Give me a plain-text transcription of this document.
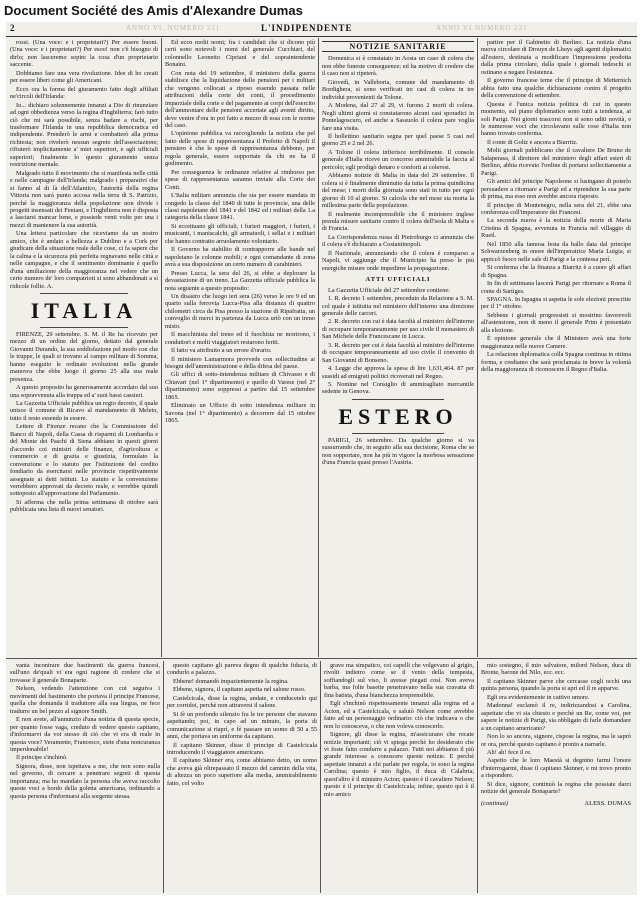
Document Société des Amis d'Alexandre Dumas
2	ANNO VI. NUMERO 221	L'INDIPENDENTE	ANNO VI NUMERO 221

rossi. (Una voce: e i proprietari?) Per essere buoni. (Una voce: e i proprietari?) Per esoo! non c'è bisogno di dirlo; non lasceremo sopire la cosa d'un proprietario saccente.

Dobbiamo fare una vera rivoluzione. Idee di ho creati per essere liberi come gli Americani.

Ecco ora la forma del giuramento fatto degli affiliati ne'circoli dell'Irlanda:

Io... dichiaro solennemente innanzi a Dio di rinunziare ad ogni obbedienza verso la regina d'Inghilterra; farò tutto ciò che mi sarà possibile, senza badare a rischi, per trasformare l'Irlanda in una repubblica democratica ed indipendente. Prenderò le armi e combatterò alla prima richiesta; non rivelerò nessun segreto dell'associazione; rifiuterò implicitamente a' miei superiori, e agli ufficiali superiori; finalmente lo questo giuramento senza restrizione mentale.

Malgrado tutto il movimento che si manifesta nelle città e nelle campagne dell'Irlanda; malgrado i preparativi che si fanno al di là dell'Atlantico, l'autorità della regina Vittoria non sarà punto accosa nella terra di S. Patrizio, perchè la maggioranza della popolazione non divide i progetti insensati dei Feniani, e l'Inghilterra non è disposta a lasciarsi mancar bene, e possiede venti volte per una i mezzi di mantenere la sua autorità.

Una lettera particolare che riceviamo da un nostro amico, che è andato a bellezza a Dublino e a Cork per giudicare della situazione reale delle cose, ci fa sapere che la calma e la sicurezza più perfetta regnavano nelle città e nelle campagne, e che il sentimento dominante è quello d'una umiliazione della maggioranza nel vedere che un certo numero de' loro compatrioti si sono abbandonati a sì ridicole follie. A.

ITALIA

FIRENZE, 29 settembre. S. M. il Re ha ricevuto per mezzo di un ordine del giorno, dettato dal generale Giovanni Durando, la sua soddisfazione pel modo con che le truppe, le quali si trovano al campo militare di Somma, hanno eseguito le ordinate evoluzioni nella grande manovra che ebbe luogo il giorno 25 alla sua reale presenza.

A questo proposito ha generosamente accordato dal suo una sopravvenuta alla truppa ed a' suoi bassi cassieri.

La Gazzetta Ufficiale pubblica un regio decreto, il quale unisce il comune di Ricavo al mandamento di Meleto, tutto il resto essendo in essere.

Lettere di Firenze recano che la Commissione del Banco di Napoli, della Cassa di risparmi di Lombardia e del Monte dei Paschi di Siena abbiano in questi giorni d'accordo coi ministri delle finanze, d'agricoltura e commercio e di grazia e giustizia, formulato la convenzione e lo statuto per l'istituzione del credito fondiario da esercitarsi nelle provincie rispettivamente assegnate ai detti istituti. Lo statuto e la convenzione verrebbero approvati da decreto reale, e verrebbe quindi sottoposto all'approvazione del Parlamento.

Si afferma che nella prima settimana di ottobre sarà pubblicata una lista di nuovi senatori.

Ed ecco molti nomi; fra i candidati che si dicono più certi sono notevoli i nomi del generale Cucchiari, del colonnello Leonetto Cipriani e del sopraintendente Bonaini.

Con nota del 19 settembre, il ministero della guerra stabilisce che la liquidazione delle pensioni per i militari che vengono collocati a riposo essendo passata nelle attribuzioni della corte dei conti, il procedimento imparziale della corte e del pagamento ai corpi dell'esercito dell'ammontare delle pensioni accertate agli aventi diritto, deve venire d'ora in poi fatto a mezzo di essa con le norme del caso.

L'opinione pubblica va raccogliendo la notizia che pel fatto delle spese di rappresentanza il Prefetto di Napoli il pensiero è che le spese di rappresentanza debbono, per regola generale, essere sopportate da chi ne ha il godimento.

Per conseguenza le ordinanze relative al rimborso per spese di rappresentanza saranno inviate alla Corte dei Conti.

L'Italia militare annunzia che sta per essere mandata in congedo la classe del 1840 di tutte le provincie, una delle classi napoletane del 1841 e del 1842 ed i militari della 1.a categoria della classe 1841.

Si eccettuano gli ufficiali, i furieri maggiori, i furieri, i musicanti, i maniscalchi, gli armaiuoli, i sellai e i militari che hanno contratto arruolamento volontario.

Il Governo ha stabilito di contrapporre alle bande nel napoletano le colonne mobili; e ogni comandante di zona avrà a sua disposizione un certo numero di carabinieri.

Presso Lucca, la sera del 26, si ebbe a deplorare la devastazione di un treno. La Gazzetta ufficiale pubblica la nota seguente a questo proposito:

Un disastro che luogo ieri sera (26) verso le ore 9 ed un quarto sulla ferrovia Lucca-Pisa alla distanza di quattro chilometri circa da Pisa presso la stazione di Ripafratta, un convoglio di merci in partenza da Lucca urtò con un treno misto.

Il macchinista del treno ed il fuochista ne morirono, i conduttori e molti viaggiatori restarono feriti.

Il fatto va attribuito a un errore d'orario.

Il ministero Lamarmora provvede con sollecitudine ai bisogni dell'amministrazione e della difesa del paese.

Gli uffici di sotto-intendenza militare di Chivasso e di Chiavari (nel 1° dipartimento) e quello di Varese (nel 2° dipartimento) sono soppressi a partire dal 15 settembre 1865.

Eliminato un Ufficio di sotto intendenza militare in Savona (nel 1° dipartimento) a decorrere dal 15 ottobre 1865.

NOTIZIE SANITARIE

Domenica si è constatato in Aosta un caso di colera che non ebbe funeste conseguenze; ed ha motivo di credere che il caso non si ripeterà.

Giovedì, in Valleboria, comune del mandamento di Bordighera, si sono verificati tre casi di colera in tre individui provenienti da Tolone.

A Modena, dal 27 al 29, vi furono 2 morti di colera. Negli ultimi giorni si constatarono alcuni casi sporadici in Pontelagoscuro, ed anche a Sassuolo il colera pare voglia fare una visita.

Il bollettino sanitario segna per quel paese 5 casi nel giorno 25 e 2 nel 26.

A Tolone il colera infierisce terribilmente. Il console generale d'Italia riceve un concorso ammirabile la faccia al pericolo; egli prodigò denaro e conforti ai colerosi.

Abbiamo notizie di Malta in data del 29 settembre. Il colera si è finalmente diminuito da tutta la prima quindicina del mese; i morti della giornata sono stati in tutto per ogni giorno di 10 al giorno. Si calcola che nel mese sia morta la millesima parte della popolazione.

Il realmente incomprensibile che il ministero inglese prenda misure sanitarie contro il colera dell'isola di Malta e di Francia.

La Corrispondenza russa di Pietroburgo ci annunzia che il colera s'è dichiarato a Costantinopoli.

Il Nazionale, annunziando che il colera è comparso a Napoli, vi aggiunge che il Municipio ha preso le più energiche misure onde impedirne la propagazione.

ATTI UFFICIALI

La Gazzetta Ufficiale del 27 settembre contiene:

1. R. decreto 1 settembre, preceduto da Relazione a S. M. col quale è istituita nel ministero dell'interno una direzione generale delle carceri.

2. R. decreto con cui è data facoltà al ministro dell'interno di occupare temporaneamente per uso civile il monastero di San Michele delle Francescane in Lucca.

3. R. decreto per cui è data facoltà al ministro dell'interno di occupare temporaneamente ad uso civile il convento di San Giovanni di Bonseno.

4. Legge che approva la spesa di lire 1,631,464. 87 per sussidi ad emigrati politici ricoverati nel Regno.

5. Nomine nel Consiglio di ammiragliato mercantile sedente in Genova.

ESTERO

PARIGI, 26 settembre. Da qualche giorno si va sussurrando che, in seguito alla sua decisione, Roma che se non sopportare, non ha più in vigore la morbosa sensazione d'una Francia quasi presso l'Austria.

partire per il Gabinetto di Berlino. La notizia d'una nuova circolare di Drouyn de Lhuys agli agenti diplomatici all'estero, destinata a modificare l'impressione prodotta dalla prima circolare, dalla quale i giornali tedeschi si ostinano a negare l'esistenza.

Il governo francese teme che il principe di Metternich abbia fatto una qualche dichiarazione contro il progetto della convenzione di settembre.

Questa è l'unica notizia politica di cui in questo momento, sul piano diplomatico sono tutti a tendenza, ai soli Parigi. Nei giorni trascorsi non si sono uditi novità, e le numerose voci che circolavano sulle cose d'Italia non hanno trovato conferma.

Il conte di Goltz e ancora a Biarritz.

Molti giornali pubblicano che il cavaliere De Bruno de Salaperasa, il direttore del ministero degli affari esteri di Berlino, abbia ricevuto l'ordine di portarsi sollecitamente a Parigi.

Gli amici del principe Napoleone si lusingano di poterlo persuadere a ritornare a Parigi ed a riprendere la sua parte di prima, ma esso non avrebbe ancora risposto.

Il principe di Montenegro, nella sera del 21, ebbe una conferenza coll'imperatore dei Francesi.

La seconda nuova è la notizia della morte di Maria Cristina di Spagna, avvenuta in Francia nel villaggio di Rueil.

Nel 1850 alla famosa festa da ballo data dal principe Schwarzenberg in onore dell'imperatrice Maria Luigia, si appiccò fuoco nelle sale di Parigi e la contessa perì.

Si conferma che la finanza a Biarritz è a cuore gli affari di Spagna.

In fin di settimana lascerà Parigi per ritornare a Roma il conte di Sartiges.

SPAGNA. In Ispagna si aspetta le sole elezioni prescritte per il 1° ottobre.

Sebbene i giornali progressisti si mostrino favorevoli all'astensione, non di meno il generale Prim è presentato alla elezione.

È opinione generale che il Ministero avrà una forte maggioranza nelle nuove Camere.

La relazione diplomatica colla Spagna continua in ottima forma, e crediamo che sarà proclamata in breve la volontà della maggioranza di riconoscere il Regno d'Italia.

vanta incontrare due bastimenti da guerra francesi, sull'uno de'quali vi era ogni ragione di credere che si trovasse il generale Bonaparte.

Nelson, vedendo l'attenzione con cui seguiva i movimenti del bastimento che portava il principe Francese, quella che domanda il traduttore alla sua lingua, ne fece tradurre un bel pezzo al signore Smith.

E non avete, all'annunzio d'una notizia di questa specie, per quanto fosse vaga, creduto di vedere questo capitano, d'informarvi da voi stesso di ciò che vi era di reale in questa voce? Veramente, Francesco, siete d'una noncuranza imperdonabile!

Il principe s'inchinò.

Signora, disse, non ispettava a me, che non sono nulla nel governo, di cercare a penetrare segreti di questa importanza; ma ho mandato la persona che aveva raccolto queste voci a bordo della goletta americana, ordinando a questa persona d'informarsi alla sorgente stessa.

questo capitano gli pareva degno di qualche fiducia, di condurlo a palazzo.

Ebbene! domandò impazientemente la regina.

Ebbene, signora, il capitano aspetta nel salone rosso.

Castelcicala, disse la regina, andate, e conducetelo qui per corridoi, perchè non attraversi il salone.

Si fè un profondo silenzio fra le tre persone che stavano aspettando; poi, in capo ad un minuto, la porta di comunicazione si riaprì, e fè passare un uomo di 50 a 55 anni, che portava un uniforme da capitano.

Il capitano Skinner, disse il principe di Castelcicala introducendo il viaggiatore americano.

Il capitano Skinner era, come abbiamo detto, un uomo che aveva già oltrepassato il mezzo del cammin della vita, di altezza un poco superiore alla media, ammirabilmente fatto, col volto

grave ma simpatico, coi capelli che volgevano al grigio, rivolti indietro come se il vento della tempesta, soffiandogli sul viso, li avesse piegati così. Non aveva barba, ma folte basette penetravano nella sua cravatta di fina batista, d'una bianchezza irreprensibile.

Egli s'inchinò rispettosamente innanzi alla regina ed a Acton, ed a Castelcicala, e salutò Nelson come avrebbe fatto ad un personaggio ordinario: ciò che indicava o che non lo conosceva, o che non voleva conoscerlo.

Signore, gli disse la regina, m'assicurano che recate notizie importanti; ciò vi spiega perchè ho desiderato che vi foste fatto condurre a palazzo. Tutti noi abbiamo il più grande interesse a conoscere queste notizie. E perchè aspettate innanzi a chi parlate per regola, io sono la regina Carolina; questo è mio figlio, il duca di Calabria; quest'altro è il ministro Acton; questo è il cavaliere Nelson; questo è il principe di Castelcicala; infine, questo qui è il mio amico

mio sostegno, il mio salvatore, milord Nelson, duca di Bronte, barone del Nilo, ecc. ecc.

Il capitano Skinner parve che cercasse cogli occhi una quinta persona, quando la porta si aprì ed il re apparve.

Egli era evidentemente in cattivo umore.

Madonna! esclamò il re, indirizzandosi a Carolina, aspettate che vi sia chiesto e perchè un Re, come voi, per sapere le notizie di Parigi, sia obbligato di farle domandare a un capitano americano?

Non lo so ancora, signore, rispose la regina, ma le saprò or ora, perchè questo capitano è pronto a narrarle.

Ah! ah! fece il re.

Aspetto che le loro Maestà si degnino farmi l'onore d'interrogarmi, disse il capitano Skinner, e mi trovo pronto a rispondere.

Si dice, signore, continuò la regina che possiate darci notizie del generale Bonaparte?

(continua)	ALESS. DUMAS
